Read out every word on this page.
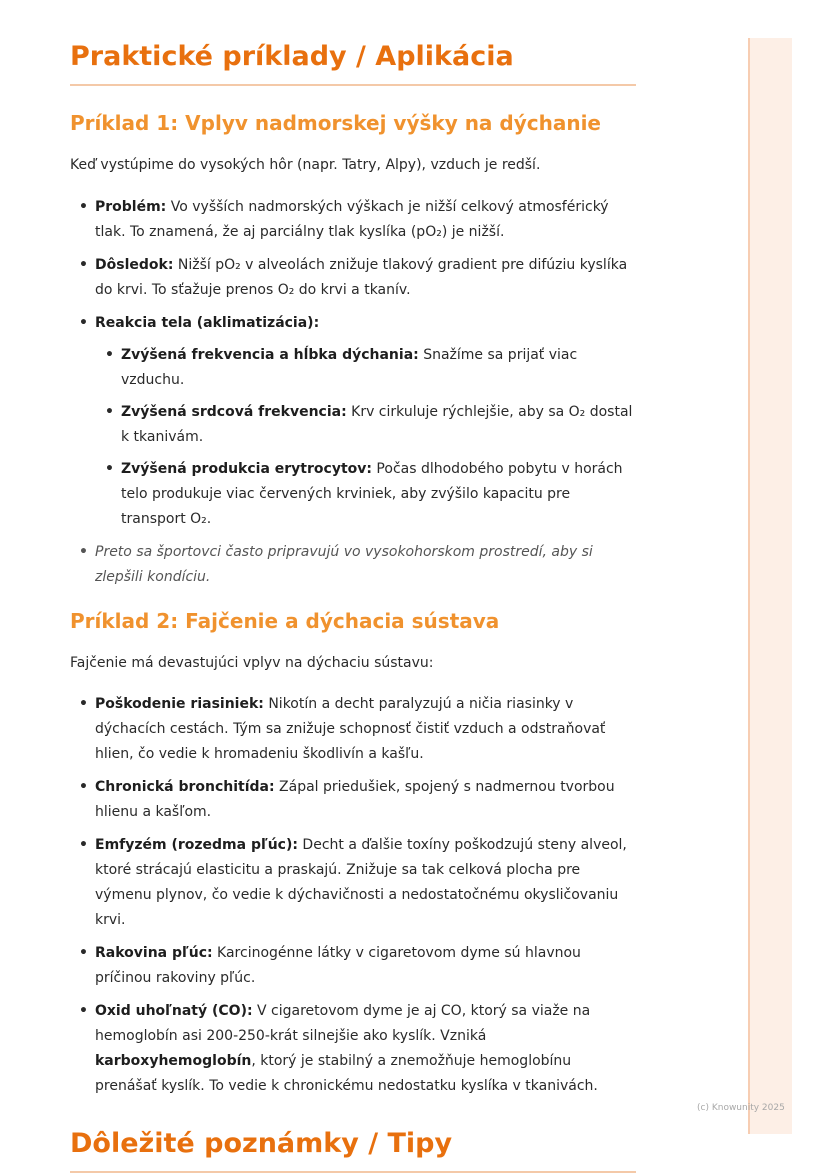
(c) Knowunity 2025
Praktické príklady / Aplikácia
Príklad 1: Vplyv nadmorskej výšky na dýchanie

Keď vystúpime do vysokých hôr (napr. Tatry, Alpy), vzduch je redší.

• Problém: Vo vyšších nadmorských výškach je nižší celkový atmosférický tlak. To znamená, že aj parciálny tlak kyslíka (pO₂) je nižší.
• Dôsledok: Nižší pO₂ v alveolách znižuje tlakový gradient pre difúziu kyslíka do krvi. To sťažuje prenos O₂ do krvi a tkanív.
• Reakcia tela (aklimatizácia):
• Zvýšená frekvencia a hĺbka dýchania: Snažíme sa prijať viac vzduchu.
• Zvýšená srdcová frekvencia: Krv cirkuluje rýchlejšie, aby sa O₂ dostal k tkanivám.
• Zvýšená produkcia erytrocytov: Počas dlhodobého pobytu v horách telo produkuje viac červených krviniek, aby zvýšilo kapacitu pre transport O₂.
• Preto sa športovci často pripravujú vo vysokohorskom prostredí, aby si zlepšili kondíciu.
Príklad 2: Fajčenie a dýchacia sústava

Fajčenie má devastujúci vplyv na dýchaciu sústavu:

• Poškodenie riasiniek: Nikotín a decht paralyzujú a ničia riasinky v dýchacích cestách. Tým sa znižuje schopnosť čistiť vzduch a odstraňovať hlien, čo vedie k hromadeniu škodlivín a kašľu.
• Chronická bronchitída: Zápal priedušiek, spojený s nadmernou tvorbou hlienu a kašľom.
• Emfyzém (rozedma pľúc): Decht a ďalšie toxíny poškodzujú steny alveol, ktoré strácajú elasticitu a praskajú. Znižuje sa tak celková plocha pre výmenu plynov, čo vedie k dýchavičnosti a nedostatočnému okysličovaniu krvi.
• Rakovina pľúc: Karcinogénne látky v cigaretovom dyme sú hlavnou príčinou rakoviny pľúc.
• Oxid uhoľnatý (CO): V cigaretovom dyme je aj CO, ktorý sa viaže na hemoglobín asi 200-250-krát silnejšie ako kyslík. Vzniká karboxyhemoglobín, ktorý je stabilný a znemožňuje hemoglobínu prenášať kyslík. To vedie k chronickému nedostatku kyslíka v tkanivách.
Dôležité poznámky / Tipy
